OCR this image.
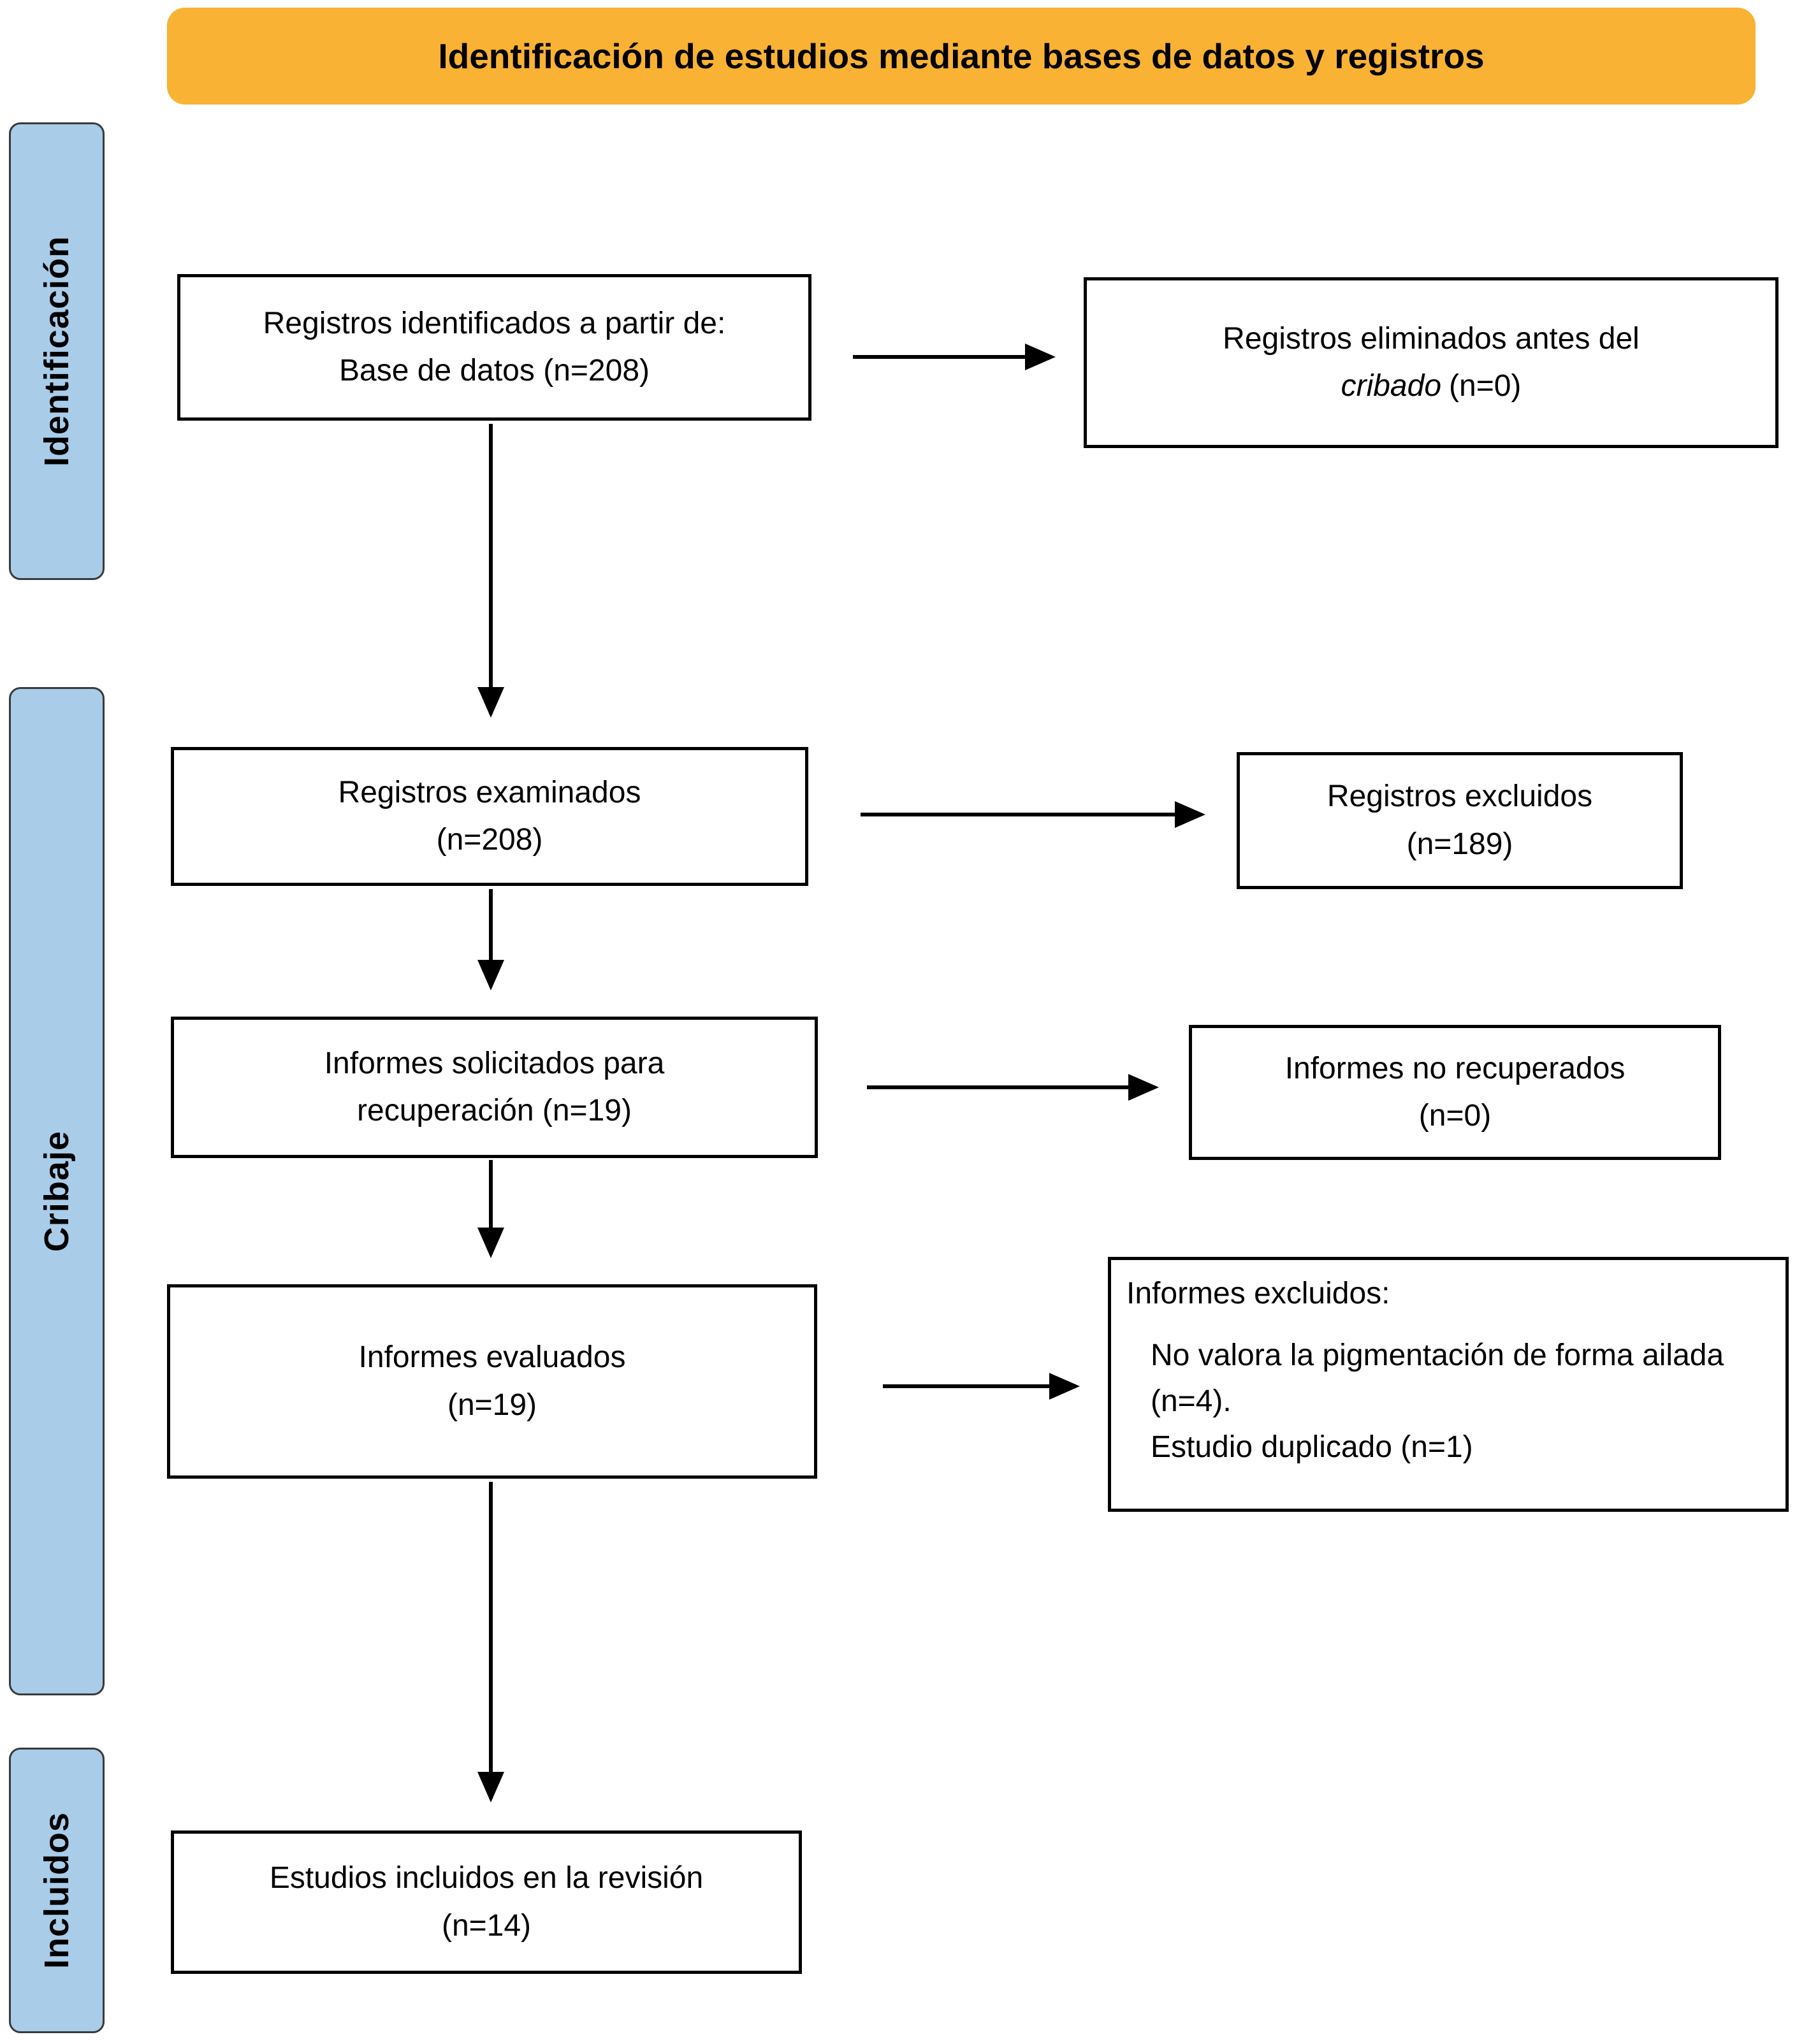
Identificación de estudios mediante bases de datos y registros
Identificación
Cribaje
Incluidos
Registros identificados a partir de:
Base de datos (n=208)
Registros eliminados antes del
cribado (n=0)
Registros examinados
(n=208)
Registros excluidos
(n=189)
Informes solicitados para
recuperación (n=19)
Informes no recuperados
(n=0)
Informes evaluados
(n=19)
Informes excluidos:
No valora la pigmentación de forma ailada (n=4).
Estudio duplicado (n=1)
Estudios incluidos en la revisión
(n=14)
